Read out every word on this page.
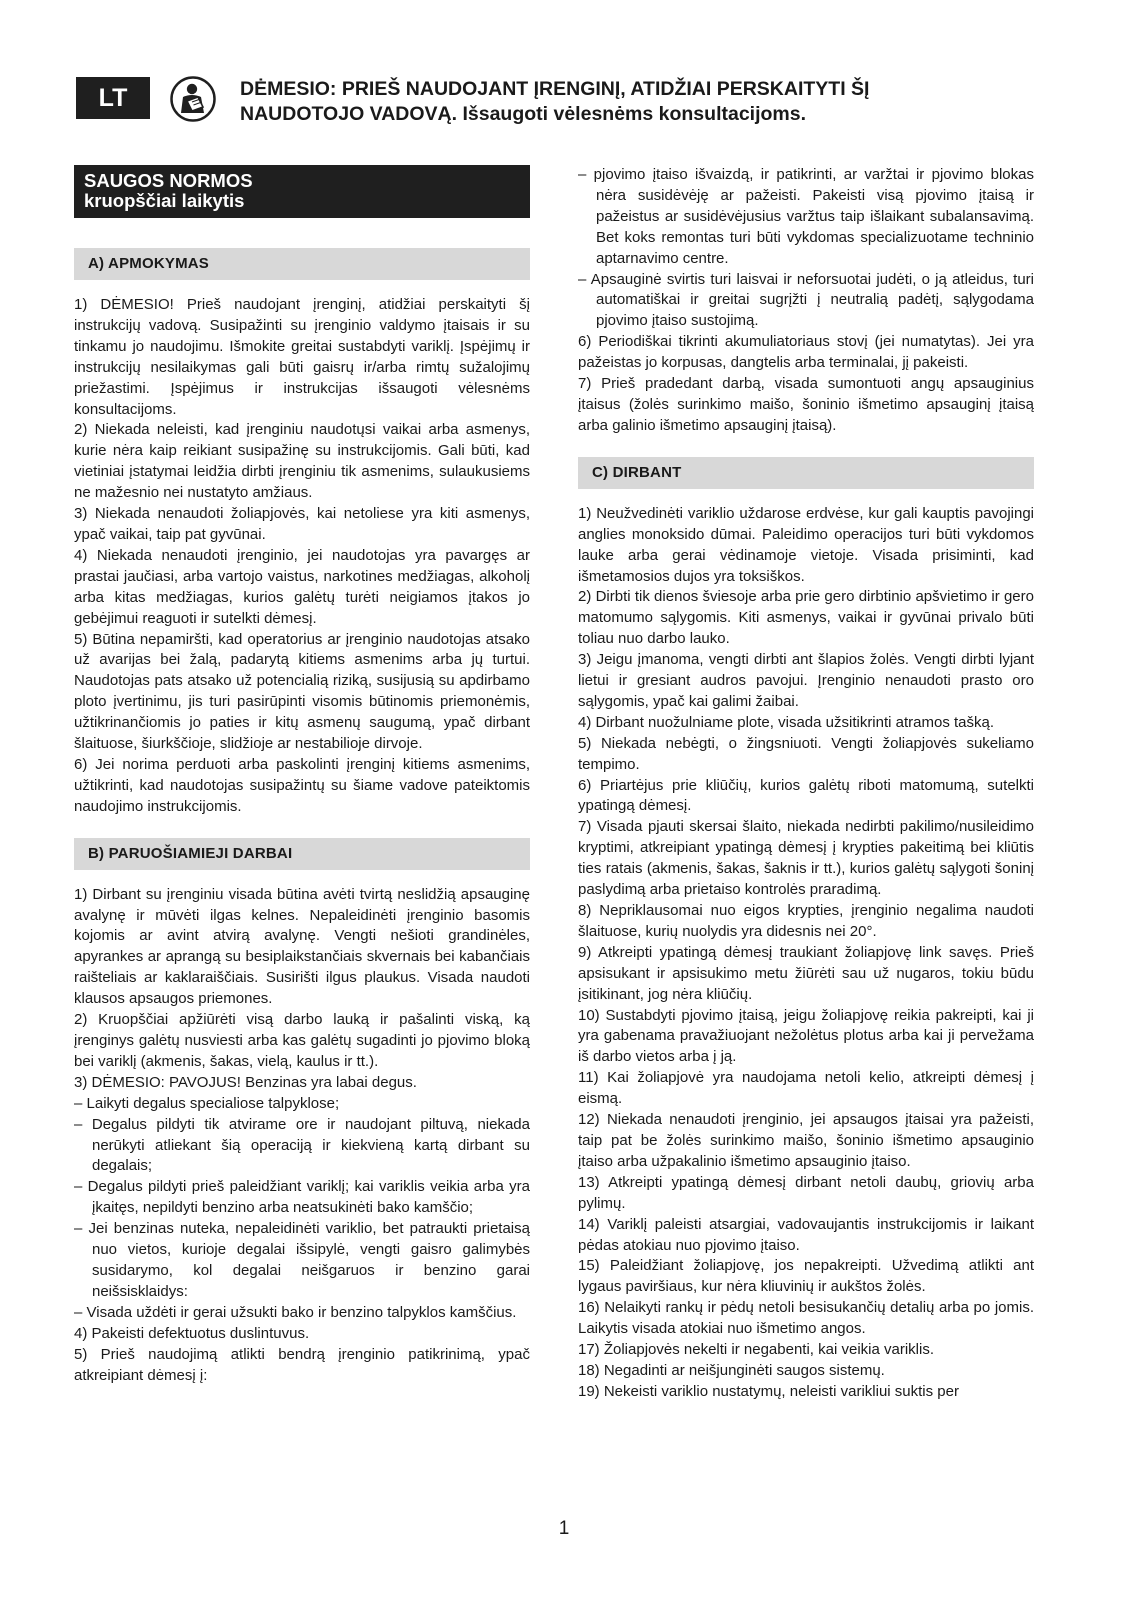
LT	DĖMESIO: PRIEŠ NAUDOJANT ĮRENGINĮ, ATIDŽIAI PERSKAITYTI ŠĮ
NAUDOTOJO VADOVĄ. Išsaugoti vėlesnėms konsultacijoms.
SAUGOS NORMOS
kruopščiai laikytis
A) APMOKYMAS

1) DĖMESIO! Prieš naudojant įrenginį, atidžiai perskaityti šį instrukcijų vadovą. Susipažinti su įrenginio valdymo įtaisais ir su tinkamu jo naudojimu. Išmokite greitai sustabdyti variklį. Įspėjimų ir instrukcijų nesilaikymas gali būti gaisrų ir/arba rimtų sužalojimų priežastimi. Įspėjimus ir instrukcijas išsaugoti vėlesnėms konsultacijoms.

2) Niekada neleisti, kad įrenginiu naudotųsi vaikai arba asmenys, kurie nėra kaip reikiant susipažinę su instrukcijomis. Gali būti, kad vietiniai įstatymai leidžia dirbti įrenginiu tik asmenims, sulaukusiems ne mažesnio nei nustatyto amžiaus.

3) Niekada nenaudoti žoliapjovės, kai netoliese yra kiti asmenys, ypač vaikai, taip pat gyvūnai.

4) Niekada nenaudoti įrenginio, jei naudotojas yra pavargęs ar prastai jaučiasi, arba vartojo vaistus, narkotines medžiagas, alkoholį arba kitas medžiagas, kurios galėtų turėti neigiamos įtakos jo gebėjimui reaguoti ir sutelkti dėmesį.

5) Būtina nepamiršti, kad operatorius ar įrenginio naudotojas atsako už avarijas bei žalą, padarytą kitiems asmenims arba jų turtui. Naudotojas pats atsako už potencialią riziką, susijusią su apdirbamo ploto įvertinimu, jis turi pasirūpinti visomis būtinomis priemonėmis, užtikrinančiomis jo paties ir kitų asmenų saugumą, ypač dirbant šlaituose, šiurkščioje, slidžioje ar nestabilioje dirvoje.

6) Jei norima perduoti arba paskolinti įrenginį kitiems asmenims, užtikrinti, kad naudotojas susipažintų su šiame vadove pateiktomis naudojimo instrukcijomis.

B) PARUOŠIAMIEJI DARBAI

1) Dirbant su įrenginiu visada būtina avėti tvirtą neslidžią apsauginę avalynę ir mūvėti ilgas kelnes. Nepaleidinėti įrenginio basomis kojomis ar avint atvirą avalynę. Vengti nešioti grandinėles, apyrankes ar aprangą su besiplaikstančiais skvernais bei kabančiais raišteliais ar kaklaraiščiais. Susirišti ilgus plaukus. Visada naudoti klausos apsaugos priemones.

2) Kruopščiai apžiūrėti visą darbo lauką ir pašalinti viską, ką įrenginys galėtų nusviesti arba kas galėtų sugadinti jo pjovimo bloką bei variklį (akmenis, šakas, vielą, kaulus ir tt.).

3) DĖMESIO: PAVOJUS! Benzinas yra labai degus.

– Laikyti degalus specialiose talpyklose;

– Degalus pildyti tik atvirame ore ir naudojant piltuvą, niekada nerūkyti atliekant šią operaciją ir kiekvieną kartą dirbant su degalais;

– Degalus pildyti prieš paleidžiant variklį; kai variklis veikia arba yra įkaitęs, nepildyti benzino arba neatsukinėti bako kamščio;

– Jei benzinas nuteka, nepaleidinėti variklio, bet patraukti prietaisą nuo vietos, kurioje degalai išsipylė, vengti gaisro galimybės susidarymo, kol degalai neišgaruos ir benzino garai neišsisklaidys:

– Visada uždėti ir gerai užsukti bako ir benzino talpyklos kamščius.

4) Pakeisti defektuotus duslintuvus.

5) Prieš naudojimą atlikti bendrą įrenginio patikrinimą, ypač atkreipiant dėmesį į:

– pjovimo įtaiso išvaizdą, ir patikrinti, ar varžtai ir pjovimo blokas nėra susidėvėję ar pažeisti. Pakeisti visą pjovimo įtaisą ir pažeistus ar susidėvėjusius varžtus taip išlaikant subalansavimą. Bet koks remontas turi būti vykdomas specializuotame techninio aptarnavimo centre.

– Apsauginė svirtis turi laisvai ir neforsuotai judėti, o ją atleidus, turi automatiškai ir greitai sugrįžti į neutralią padėtį, sąlygodama pjovimo įtaiso sustojimą.

6) Periodiškai tikrinti akumuliatoriaus stovį (jei numatytas). Jei yra pažeistas jo korpusas, dangtelis arba terminalai, jį pakeisti.

7) Prieš pradedant darbą, visada sumontuoti angų apsauginius įtaisus (žolės surinkimo maišo, šoninio išmetimo apsauginį įtaisą arba galinio išmetimo apsauginį įtaisą).

C) DIRBANT

1) Neužvedinėti variklio uždarose erdvėse, kur gali kauptis pavojingi anglies monoksido dūmai. Paleidimo operacijos turi būti vykdomos lauke arba gerai vėdinamoje vietoje. Visada prisiminti, kad išmetamosios dujos yra toksiškos.

2) Dirbti tik dienos šviesoje arba prie gero dirbtinio apšvietimo ir gero matomumo sąlygomis. Kiti asmenys, vaikai ir gyvūnai privalo būti toliau nuo darbo lauko.

3) Jeigu įmanoma, vengti dirbti ant šlapios žolės. Vengti dirbti lyjant lietui ir gresiant audros pavojui. Įrenginio nenaudoti prasto oro sąlygomis, ypač kai galimi žaibai.

4) Dirbant nuožulniame plote, visada užsitikrinti atramos tašką.

5) Niekada nebėgti, o žingsniuoti. Vengti žoliapjovės sukeliamo tempimo.

6) Priartėjus prie kliūčių, kurios galėtų riboti matomumą, sutelkti ypatingą dėmesį.

7) Visada pjauti skersai šlaito, niekada nedirbti pakilimo/nusileidimo kryptimi, atkreipiant ypatingą dėmesį į krypties pakeitimą bei kliūtis ties ratais (akmenis, šakas, šaknis ir tt.), kurios galėtų sąlygoti šoninį paslydimą arba prietaiso kontrolės praradimą.

8) Nepriklausomai nuo eigos krypties, įrenginio negalima naudoti šlaituose, kurių nuolydis yra didesnis nei 20°.

9) Atkreipti ypatingą dėmesį traukiant žoliapjovę link savęs. Prieš apsisukant ir apsisukimo metu žiūrėti sau už nugaros, tokiu būdu įsitikinant, jog nėra kliūčių.

10) Sustabdyti pjovimo įtaisą, jeigu žoliapjovę reikia pakreipti, kai ji yra gabenama pravažiuojant nežolėtus plotus arba kai ji pervežama iš darbo vietos arba į ją.

11) Kai žoliapjovė yra naudojama netoli kelio, atkreipti dėmesį į eismą.

12) Niekada nenaudoti įrenginio, jei apsaugos įtaisai yra pažeisti, taip pat be žolės surinkimo maišo, šoninio išmetimo apsauginio įtaiso arba užpakalinio išmetimo apsauginio įtaiso.

13) Atkreipti ypatingą dėmesį dirbant netoli daubų, griovių arba pylimų.

14) Variklį paleisti atsargiai, vadovaujantis instrukcijomis ir laikant pėdas atokiau nuo pjovimo įtaiso.

15) Paleidžiant žoliapjovę, jos nepakreipti. Užvedimą atlikti ant lygaus paviršiaus, kur nėra kliuvinių ir aukštos žolės.

16) Nelaikyti rankų ir pėdų netoli besisukančių detalių arba po jomis. Laikytis visada atokiai nuo išmetimo angos.

17) Žoliapjovės nekelti ir negabenti, kai veikia variklis.

18) Negadinti ar neišjunginėti saugos sistemų.

19) Nekeisti variklio nustatymų, neleisti varikliui suktis per

1
